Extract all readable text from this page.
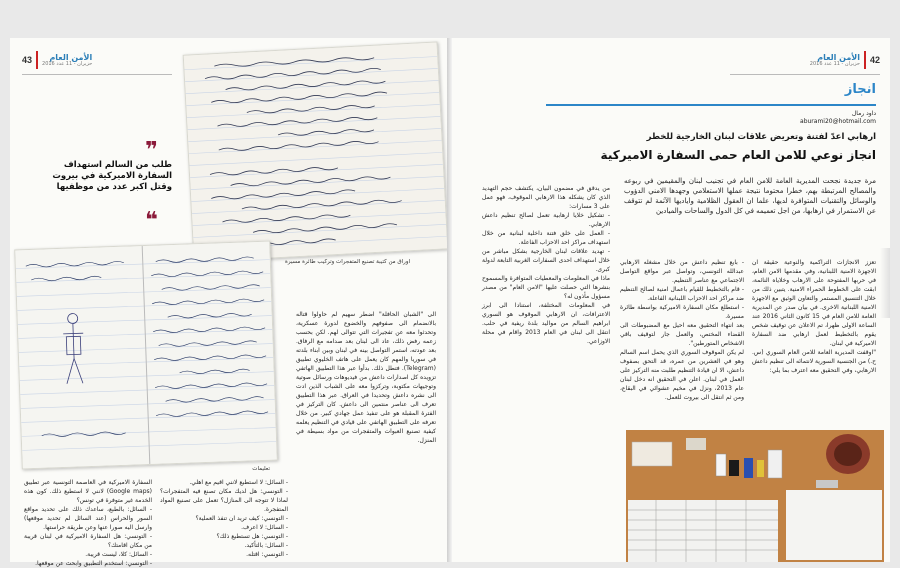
43	الأمن العام
2016 حزيران - 11 عدد
❞
طلب من السالم استهداف السفارة الاميركية في بيروت وقتل اكبر عدد من موظفيها
❝
اوراق من كتيبة تصنيع المتفجرات وتركيب طائرة مسيرة
تعليمات
الى "الشبان الحافلة" اضطر سهيم لم حاولوا قتاله بالانضمام الى صفوفهم والخضوع لدورة عسكرية، وتحدثوا معه عن تفجيرات التي تتوالى لهم. لكن بحسب زعمه رفض ذلك، عاد الى لبنان بعد صدامه مع الرفاق. بعد عودته، استمر التواصل بينه في لبنان وبين ابناء بلدته في سوريا والمهم كان يعمل على هاتف الخليوي تطبيق (Telegram). فتطل ذلك. بدأوا عبر هذا التطبيق الهاتفي تزويده كل اصدارات داعش من فيديوهات ورسائل صوتية وتوجيهات مكتوبة، وتركزوا معه على الشباب الذين ادت الى نشره داعش وتحديدا في العراق. عبر هذا التطبيق تعرف الى عناصر منتمين الى داعش. كان التركيز في الفترة المقبلة هو على تنفيذ عمل جهادي كبير. من خلال تعرفه على التطبيق الهاتفي على قيادي في التنظيم يعلمه كيفية تصنيع العبوات والمتفجرات من مواد بسيطة في المنزل.
- السائل: لا استطيع لانني اقيم مع اهلي.
- التونسي: هل لديك مكان تصنع فيه المتفجرات؟ لماذا لا تتوجه الى المنازل؟ تعمل على تصنيع المواد المتفجرة.
- التونسي: كيف تريد ان تنفذ العملية؟
- السائل: لا اعرف.
- التونسي: هل تستطيع ذلك؟
- السائل: بالتأكيد.
- التونسي: اقتله.
السفارة الاميركية في العاصمة التونسية عبر تطبيق (Google maps) لانني لا استطيع ذلك. كون هذه الخدمة غير متوفرة في تونس؟
- السائل: بالطبع، ساعدك ذلك على تحديد مواقع السور والحراس (عند السائل لم تحديد موقعها) وارسل اليه صورا عنها وعن طريقة حراستها.
- التونسي: هل السفارة الاميركية في لبنان قريبة من مكان اقامتك؟
- السائل: كلا، ليست قريبة.
- التونسي: استخدم التطبيق وابحث عن موقعها.
42
الأمن العام
2016 حزيران - 11 عدد
انجاز
داود رمال
aburami20@hotmail.com
ارهابي اعدّ لفتنة وتعريض علاقات لبنان الخارجية للخطر
انجاز نوعي للامن العام حمى السفارة الاميركية
مرة جديدة نجحت المديرية العامة للامن العام في تجنيب لبنان والمقيمين في ربوعه والمصالح المرتبطة بهم، خطرا محتوما نتيجة عملها الاستعلامي وجهدها الامني الدؤوب والوسائل والتقنيات المتوافرة لديها، علما ان العقول الظلامية واياديها الآثمة لم تتوقف عن الاستمرار في ارهابها، من اجل تعميمه في كل الدول والساحات والميادين
تعزز الانجازات التراكمية والنوعية حقيقة ان الاجهزة الامنية اللبنانية، وفي مقدمها الامن العام، في حربها المفتوحة على الارهاب وخلاياه النائمة، ابقت على الخطوط الحمراء الامنية. يتبين ذلك من خلال التنسيق المستمر والتعاون الوثيق مع الاجهزة الامنية اللبنانية الاخرى. في بيان صدر عن المديرية العامة للامن العام في 15 كانون الثاني 2016 عند الساعة الاولى ظهرا، تم الاعلان عن توقيف شخص يقوم بالتخطيط لعمل ارهابي ضد السفارة الاميركية في لبنان.
"اوقفت المديرية العامة للامن العام السوري (س. ح.) من الجنسية السورية لانتمائه الى تنظيم داعش الارهابي، وفي التحقيق معه اعترف بما يلي:
- بايع تنظيم داعش من خلال مشغله الارهابي عبدالله التونسي، وتواصل عبر مواقع التواصل الاجتماعي مع عناصر التنظيم.
- قام بالتخطيط للقيام باعمال امنية لصالح التنظيم ضد مراكز احد الاحزاب اللبنانية الفاعلة.
- استطلع مكان السفارة الاميركية بواسطة طائرة مسيرة.
بعد انتهاء التحقيق معه احيل مع المضبوطات الى القضاء المختص، والعمل جار لتوقيف باقي الاشخاص المتورطين".
لم يكن الموقوف السوري الذي يحمل اسم السالم وهو في العشرين من عمره، قد التحق بصفوف داعش، الا ان قيادة التنظيم طلبت منه التركيز على العمل في لبنان. اعلن في التحقيق انه دخل لبنان عام 2013، ونزل في مخيم عشوائي في البقاع، ومن ثم انتقل الى بيروت للعمل.
من يدقق في مضمون البيان، يكتشف حجم التهديد الذي كان يشكله هذا الارهابي الموقوف، فهو عمل على 3 مسارات:
- تشكيل خلايا ارهابية تعمل لصالح تنظيم داعش الارهابي.
- العمل على خلق فتنة داخلية لبنانية من خلال استهداف مراكز احد الاحزاب الفاعلة.
- تهديد علاقات لبنان الخارجية بشكل مباشر من خلال استهداف احدى السفارات الغربية التابعة لدولة كبرى.
ماذا في المعلومات والمعطيات المتوافرة والمسموح بنشرها التي حصلت عليها "الامن العام" من مصدر مسؤول مأذون له؟
في المعلومات المختلفة، استنادا الى ابرز الاعترافات، ان الارهابي الموقوف هو السوري ابراهيم السالم من مواليد بلدة ريفية في حلب. انتقل الى لبنان في العام 2013 واقام في محلة الاوزاعي.
